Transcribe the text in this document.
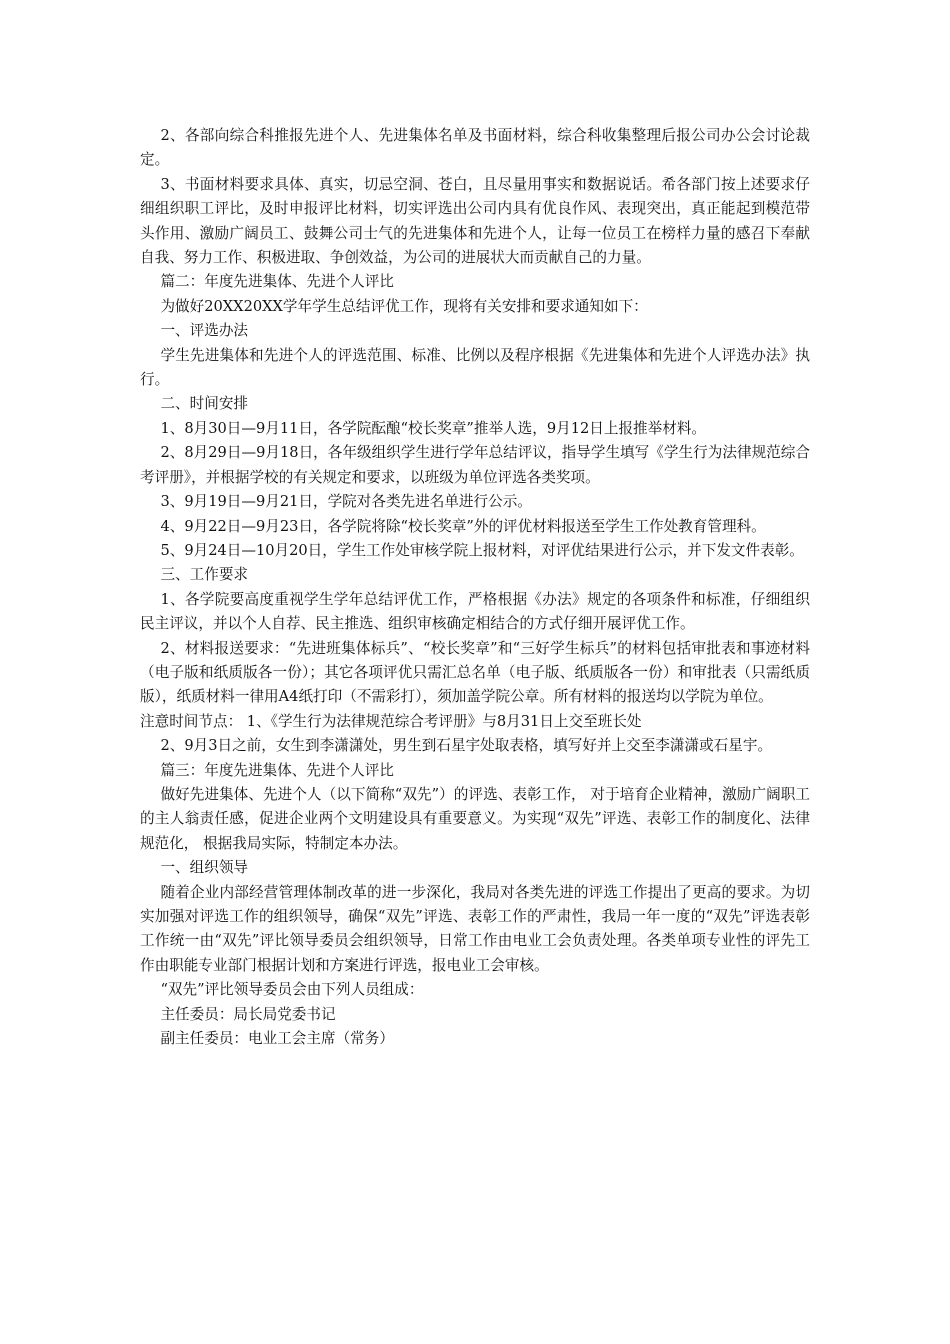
2、各部向综合科推报先进个人、先进集体名单及书面材料，综合科收集整理后报公司办公会讨论裁定。

3、书面材料要求具体、真实，切忌空洞、苍白，且尽量用事实和数据说话。希各部门按上述要求仔细组织职工评比，及时申报评比材料，切实评选出公司内具有优良作风、表现突出，真正能起到模范带头作用、激励广阔员工、鼓舞公司士气的先进集体和先进个人，让每一位员工在榜样力量的感召下奉献自我、努力工作、积极进取、争创效益，为公司的进展状大而贡献自己的力量。

篇二：年度先进集体、先进个人评比

为做好20XX20XX学年学生总结评优工作，现将有关安排和要求通知如下：

一、评选办法

学生先进集体和先进个人的评选范围、标准、比例以及程序根据《先进集体和先进个人评选办法》执行。

二、时间安排

1、8月30日—9月11日，各学院酝酿“校长奖章”推举人选，9月12日上报推举材料。

2、8月29日—9月18日，各年级组织学生进行学年总结评议，指导学生填写《学生行为法律规范综合考评册》，并根据学校的有关规定和要求，以班级为单位评选各类奖项。

3、9月19日—9月21日，学院对各类先进名单进行公示。

4、9月22日—9月23日，各学院将除“校长奖章”外的评优材料报送至学生工作处教育管理科。

5、9月24日—10月20日，学生工作处审核学院上报材料，对评优结果进行公示，并下发文件表彰。

三、工作要求

1、各学院要高度重视学生学年总结评优工作，严格根据《办法》规定的各项条件和标准，仔细组织民主评议，并以个人自荐、民主推选、组织审核确定相结合的方式仔细开展评优工作。

2、材料报送要求：“先进班集体标兵”、“校长奖章”和“三好学生标兵”的材料包括审批表和事迹材料（电子版和纸质版各一份）；其它各项评优只需汇总名单（电子版、纸质版各一份）和审批表（只需纸质版），纸质材料一律用A4纸打印（不需彩打），须加盖学院公章。所有材料的报送均以学院为单位。

注意时间节点： 1、《学生行为法律规范综合考评册》与8月31日上交至班长处

2、9月3日之前，女生到李潇潇处，男生到石星宇处取表格，填写好并上交至李潇潇或石星宇。

篇三：年度先进集体、先进个人评比

做好先进集体、先进个人（以下简称“双先”）的评选、表彰工作， 对于培育企业精神，激励广阔职工 的主人翁责任感，促进企业两个文明建设具有重要意义。为实现“双先”评选、表彰工作的制度化、法律规范化， 根据我局实际，特制定本办法。

一、组织领导

随着企业内部经营管理体制改革的进一步深化，我局对各类先进的评选工作提出了更高的要求。为切实加强对评选工作的组织领导，确保“双先”评选、表彰工作的严肃性，我局一年一度的“双先”评选表彰工作统一由“双先”评比领导委员会组织领导，日常工作由电业工会负责处理。各类单项专业性的评先工作由职能专业部门根据计划和方案进行评选，报电业工会审核。

“双先”评比领导委员会由下列人员组成：

主任委员：局长局党委书记

副主任委员：电业工会主席（常务）
